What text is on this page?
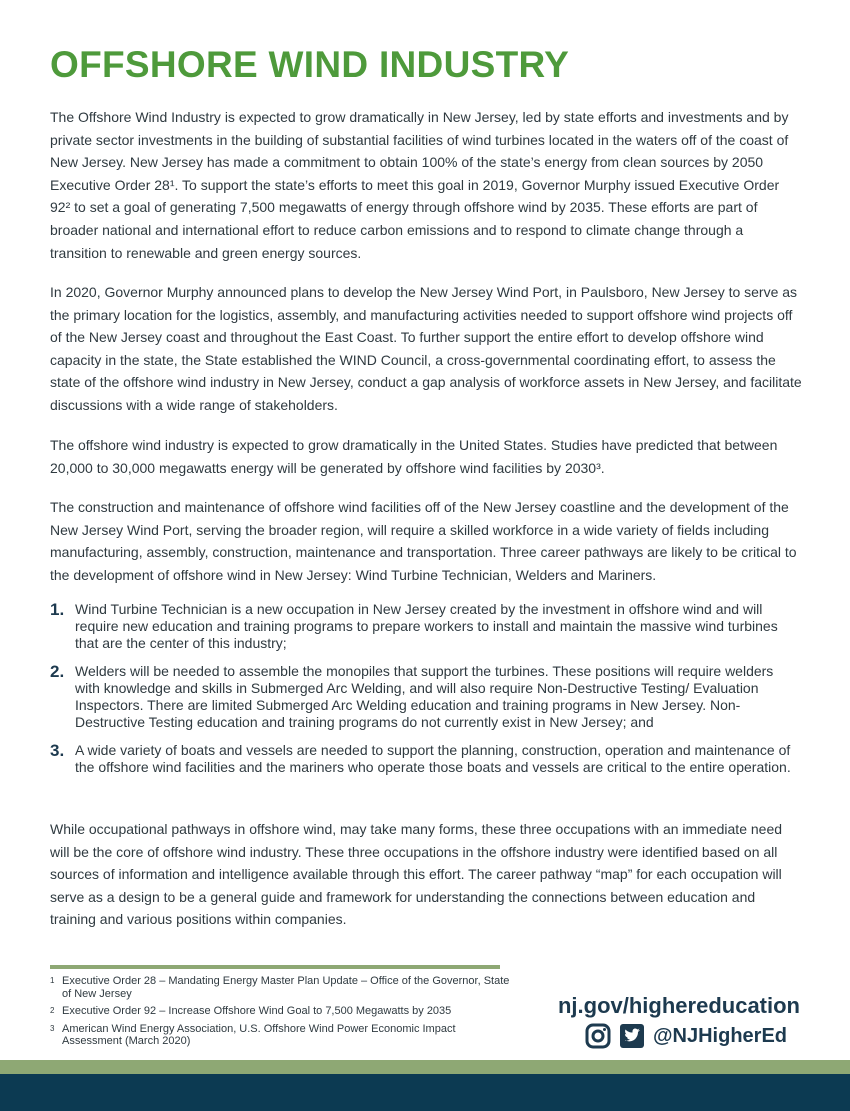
OFFSHORE WIND INDUSTRY

The Offshore Wind Industry is expected to grow dramatically in New Jersey, led by state efforts and investments and by private sector investments in the building of substantial facilities of wind turbines located in the waters off of the coast of New Jersey. New Jersey has made a commitment to obtain 100% of the state’s energy from clean sources by 2050 Executive Order 28¹. To support the state’s efforts to meet this goal in 2019, Governor Murphy issued Executive Order 92² to set a goal of generating 7,500 megawatts of energy through offshore wind by 2035. These efforts are part of broader national and international effort to reduce carbon emissions and to respond to climate change through a transition to renewable and green energy sources.

In 2020, Governor Murphy announced plans to develop the New Jersey Wind Port, in Paulsboro, New Jersey to serve as the primary location for the logistics, assembly, and manufacturing activities needed to support offshore wind projects off of the New Jersey coast and throughout the East Coast. To further support the entire effort to develop offshore wind capacity in the state, the State established the WIND Council, a cross-governmental coordinating effort, to assess the state of the offshore wind industry in New Jersey, conduct a gap analysis of workforce assets in New Jersey, and facilitate discussions with a wide range of stakeholders.

The offshore wind industry is expected to grow dramatically in the United States. Studies have predicted that between 20,000 to 30,000 megawatts energy will be generated by offshore wind facilities by 2030³.

The construction and maintenance of offshore wind facilities off of the New Jersey coastline and the development of the New Jersey Wind Port, serving the broader region, will require a skilled workforce in a wide variety of fields including manufacturing, assembly, construction, maintenance and transportation. Three career pathways are likely to be critical to the development of offshore wind in New Jersey: Wind Turbine Technician, Welders and Mariners.

1. Wind Turbine Technician is a new occupation in New Jersey created by the investment in offshore wind and will require new education and training programs to prepare workers to install and maintain the massive wind turbines that are the center of this industry;
2. Welders will be needed to assemble the monopiles that support the turbines. These positions will require welders with knowledge and skills in Submerged Arc Welding, and will also require Non-Destructive Testing/ Evaluation Inspectors. There are limited Submerged Arc Welding education and training programs in New Jersey. Non-Destructive Testing education and training programs do not currently exist in New Jersey; and
3. A wide variety of boats and vessels are needed to support the planning, construction, operation and maintenance of the offshore wind facilities and the mariners who operate those boats and vessels are critical to the entire operation.

While occupational pathways in offshore wind, may take many forms, these three occupations with an immediate need will be the core of offshore wind industry. These three occupations in the offshore industry were identified based on all sources of information and intelligence available through this effort. The career pathway “map” for each occupation will serve as a design to be a general guide and framework for understanding the connections between education and training and various positions within companies.

1 Executive Order 28 – Mandating Energy Master Plan Update – Office of the Governor, State of New Jersey
2 Executive Order 92 – Increase Offshore Wind Goal to 7,500 Megawatts by 2035
3 American Wind Energy Association, U.S. Offshore Wind Power Economic Impact Assessment (March 2020)
nj.gov/highereducation
@NJHigherEd
